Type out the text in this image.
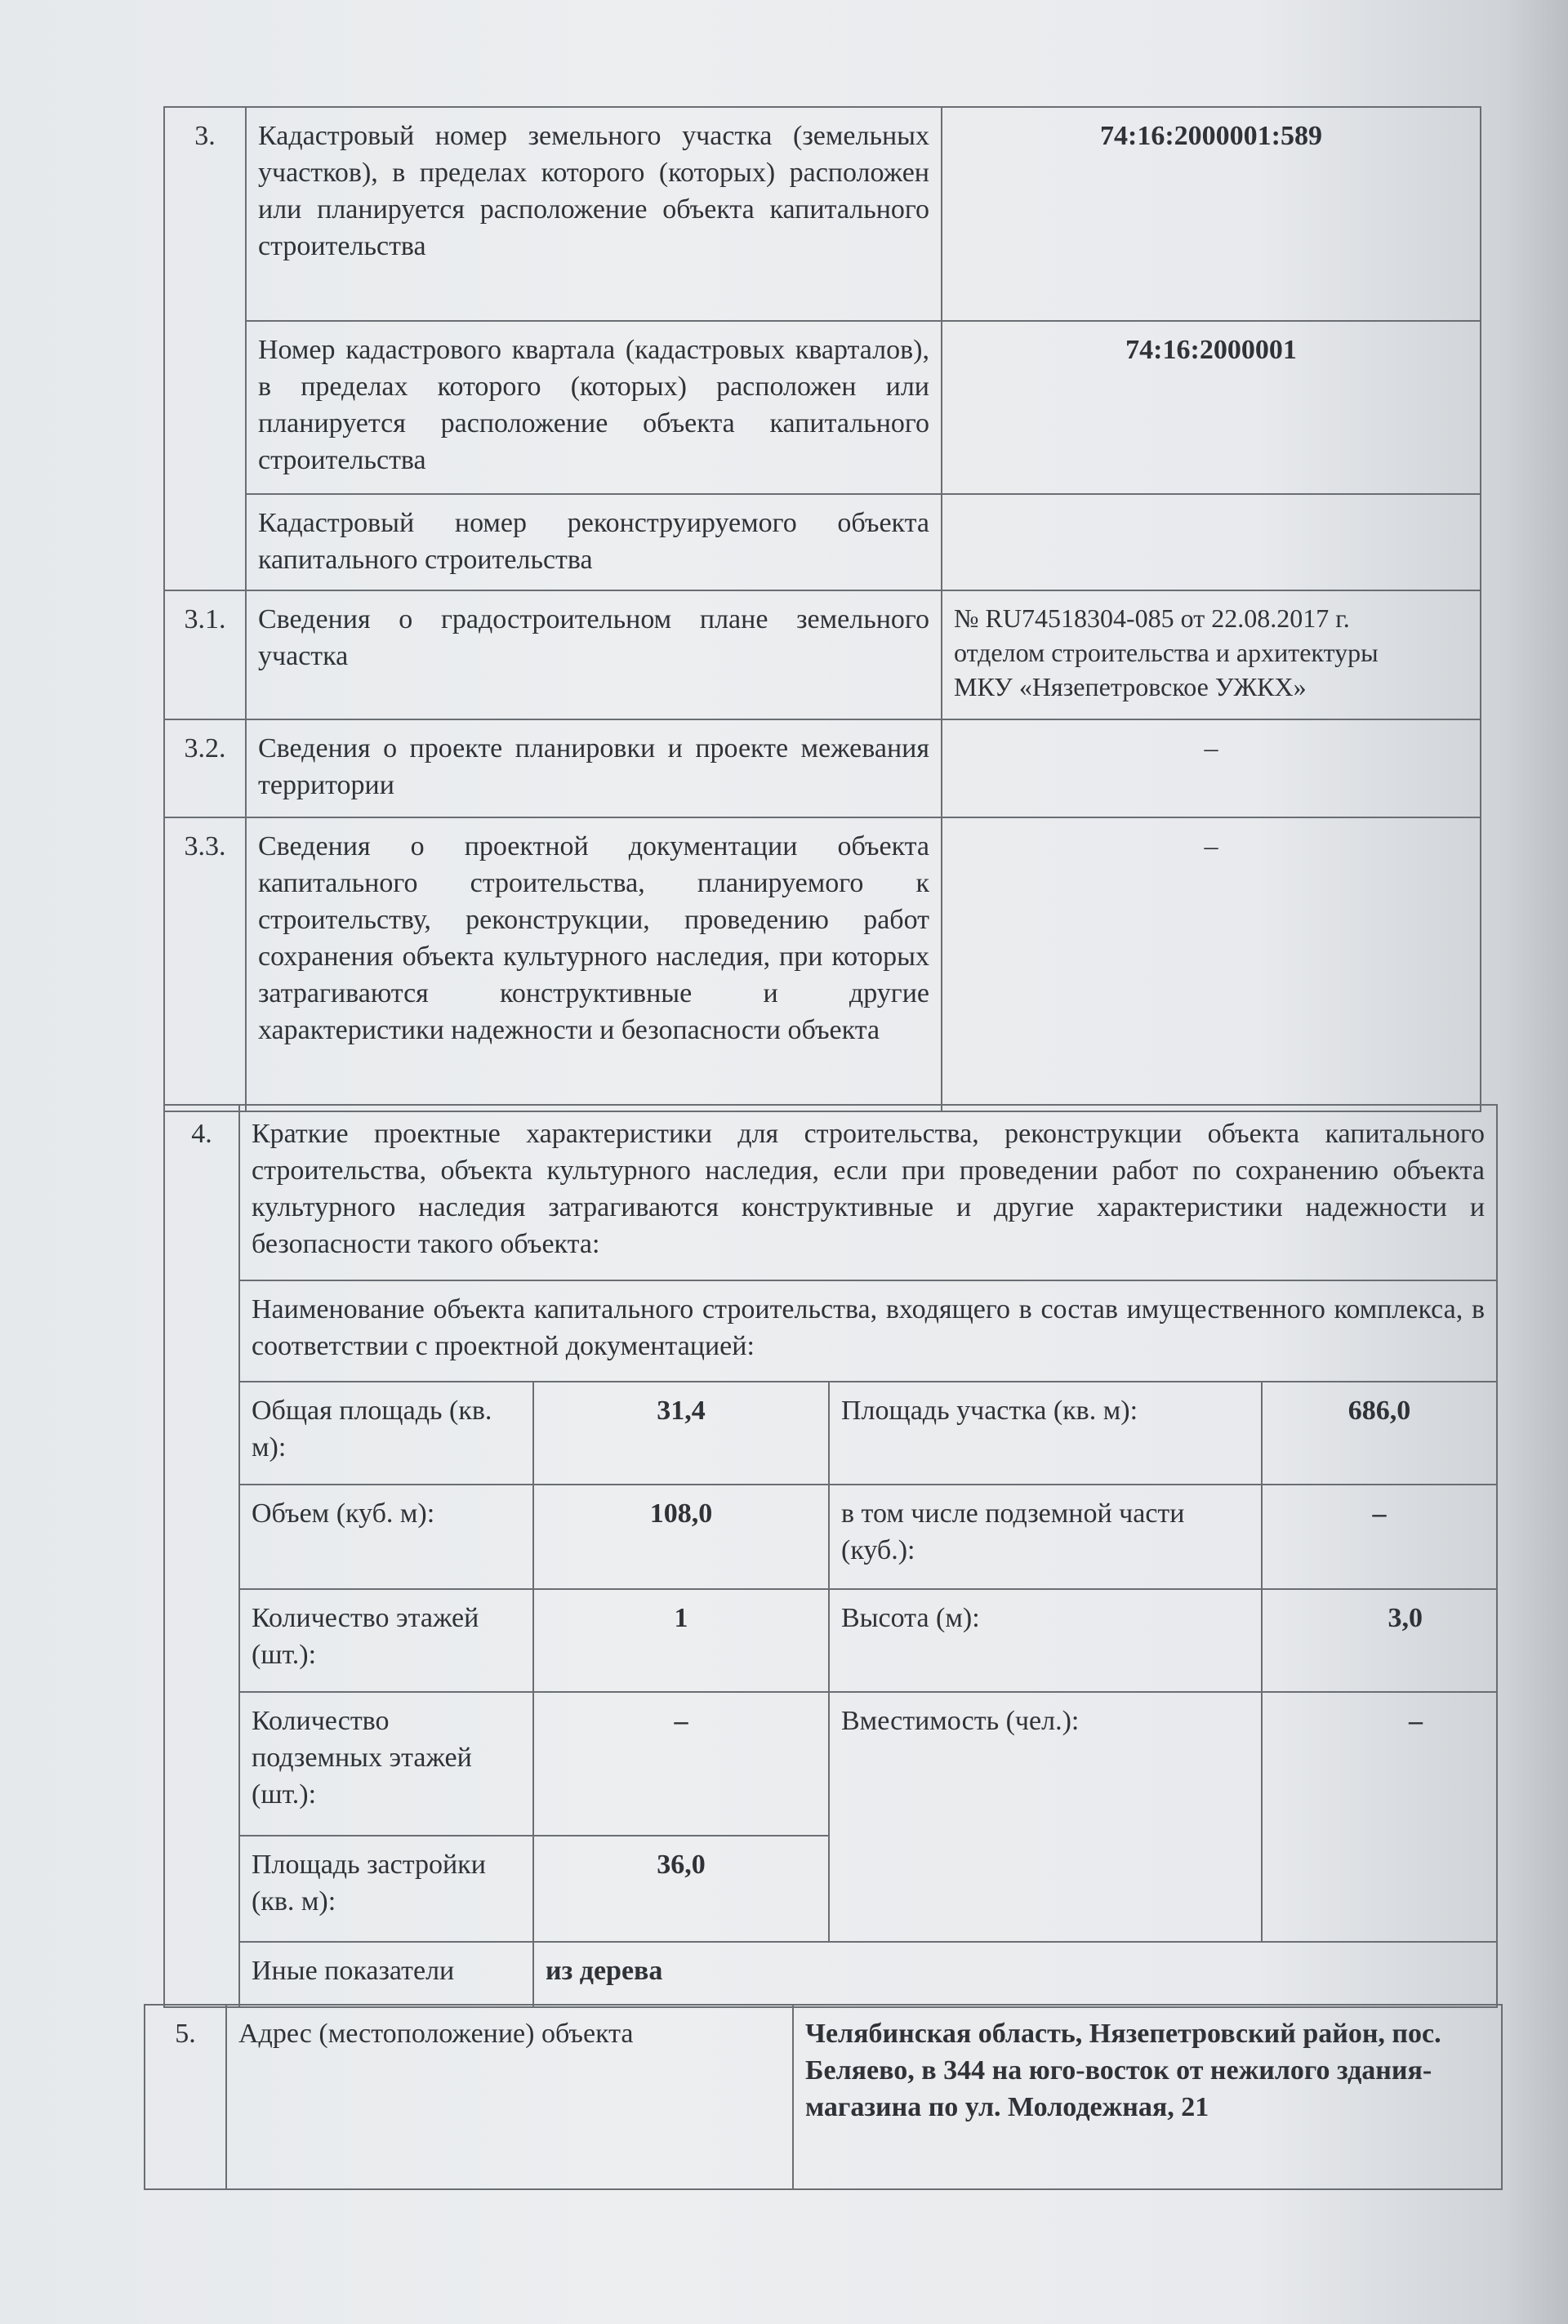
3.	Кадастровый номер земельного участка (земельных участков), в пределах которого (которых) расположен или планируется расположение объекта капитального строительства	74:16:2000001:589
	Номер кадастрового квартала (кадастровых кварталов), в пределах которого (которых) расположен или планируется расположение объекта капитального строительства	74:16:2000001
	Кадастровый номер реконструируемого объекта капитального строительства	
3.1.	Сведения о градостроительном плане земельного участка	№ RU74518304-085 от 22.08.2017 г.
отделом строительства и архитектуры
МКУ «Нязепетровское УЖКХ»

3.2.	Сведения о проекте планировки и проекте межевания территории	–
3.3.	Сведения о проектной документации объекта капитального строительства, планируемого к строительству, реконструкции, проведению работ сохранения объекта культурного наследия, при которых затрагиваются конструктивные и другие характеристики надежности и безопасности объекта	–
4.	Краткие проектные характеристики для строительства, реконструкции объекта капитального строительства, объекта культурного наследия, если при проведении работ по сохранению объекта культурного наследия затрагиваются конструктивные и другие характеристики надежности и безопасности такого объекта:			
	Наименование объекта капитального строительства, входящего в состав имущественного комплекса, в соответствии с проектной документацией:			
	Общая площадь (кв. м):	31,4	Площадь участка (кв. м):	686,0
	Объем (куб. м):	108,0	в том числе подземной части (куб.):	–
	Количество этажей (шт.):	1	Высота (м):	3,0
	Количество подземных этажей (шт.):	–	Вместимость (чел.):	–
	Площадь застройки (кв. м):	36,0		
	Иные показатели	из дерева		
5.	Адрес (местоположение) объекта	Челябинская область, Нязепетровский район, пос. Беляево, в 344 на юго-восток от нежилого здания-магазина по ул. Молодежная, 21
